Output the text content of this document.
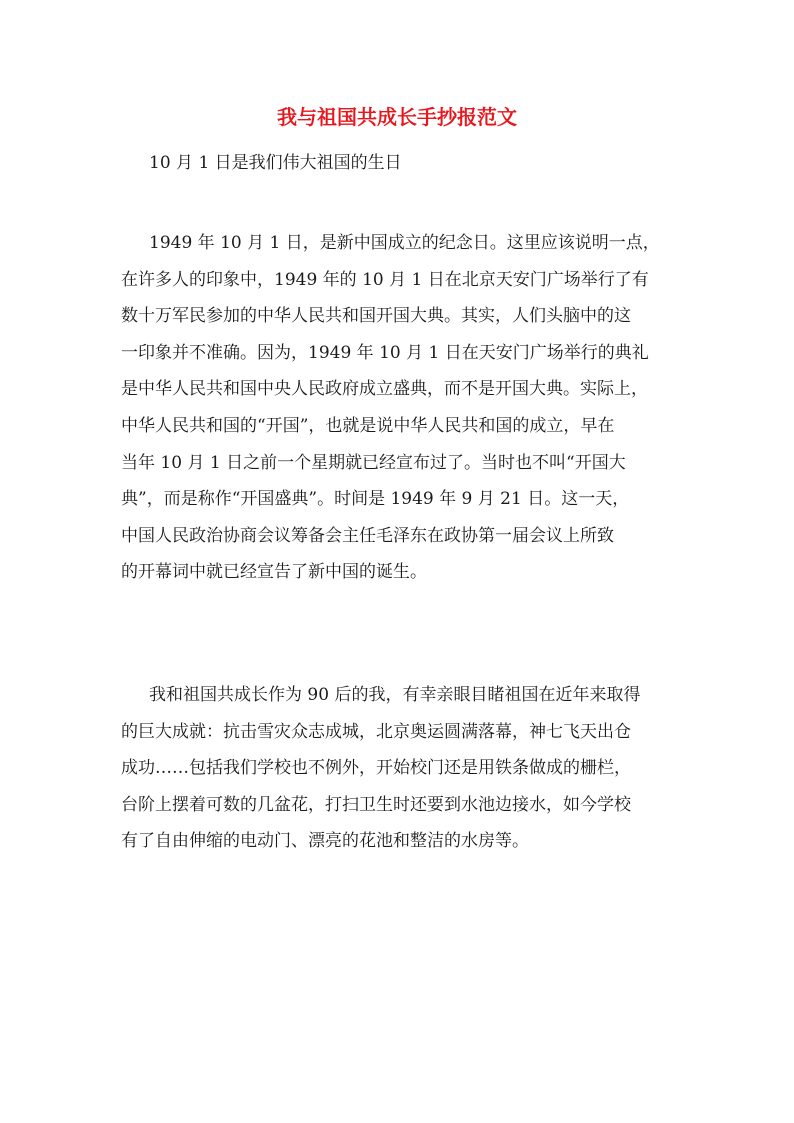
我与祖国共成长手抄报范文
10 月 1 日是我们伟大祖国的生日
1949 年 10 月 1 日，是新中国成立的纪念日。这里应该说明一点，
在许多人的印象中，1949 年的 10 月 1 日在北京天安门广场举行了有
数十万军民参加的中华人民共和国开国大典。其实，人们头脑中的这
一印象并不准确。因为，1949 年 10 月 1 日在天安门广场举行的典礼
是中华人民共和国中央人民政府成立盛典，而不是开国大典。实际上，
中华人民共和国的“开国”，也就是说中华人民共和国的成立，早在
当年 10 月 1 日之前一个星期就已经宣布过了。当时也不叫“开国大
典”，而是称作“开国盛典”。时间是 1949 年 9 月 21 日。这一天，
中国人民政治协商会议筹备会主任毛泽东在政协第一届会议上所致
的开幕词中就已经宣告了新中国的诞生。
我和祖国共成长作为 90 后的我，有幸亲眼目睹祖国在近年来取得
的巨大成就：抗击雪灾众志成城，北京奥运圆满落幕，神七飞天出仓
成功……包括我们学校也不例外，开始校门还是用铁条做成的栅栏，
台阶上摆着可数的几盆花，打扫卫生时还要到水池边接水，如今学校
有了自由伸缩的电动门、漂亮的花池和整洁的水房等。
